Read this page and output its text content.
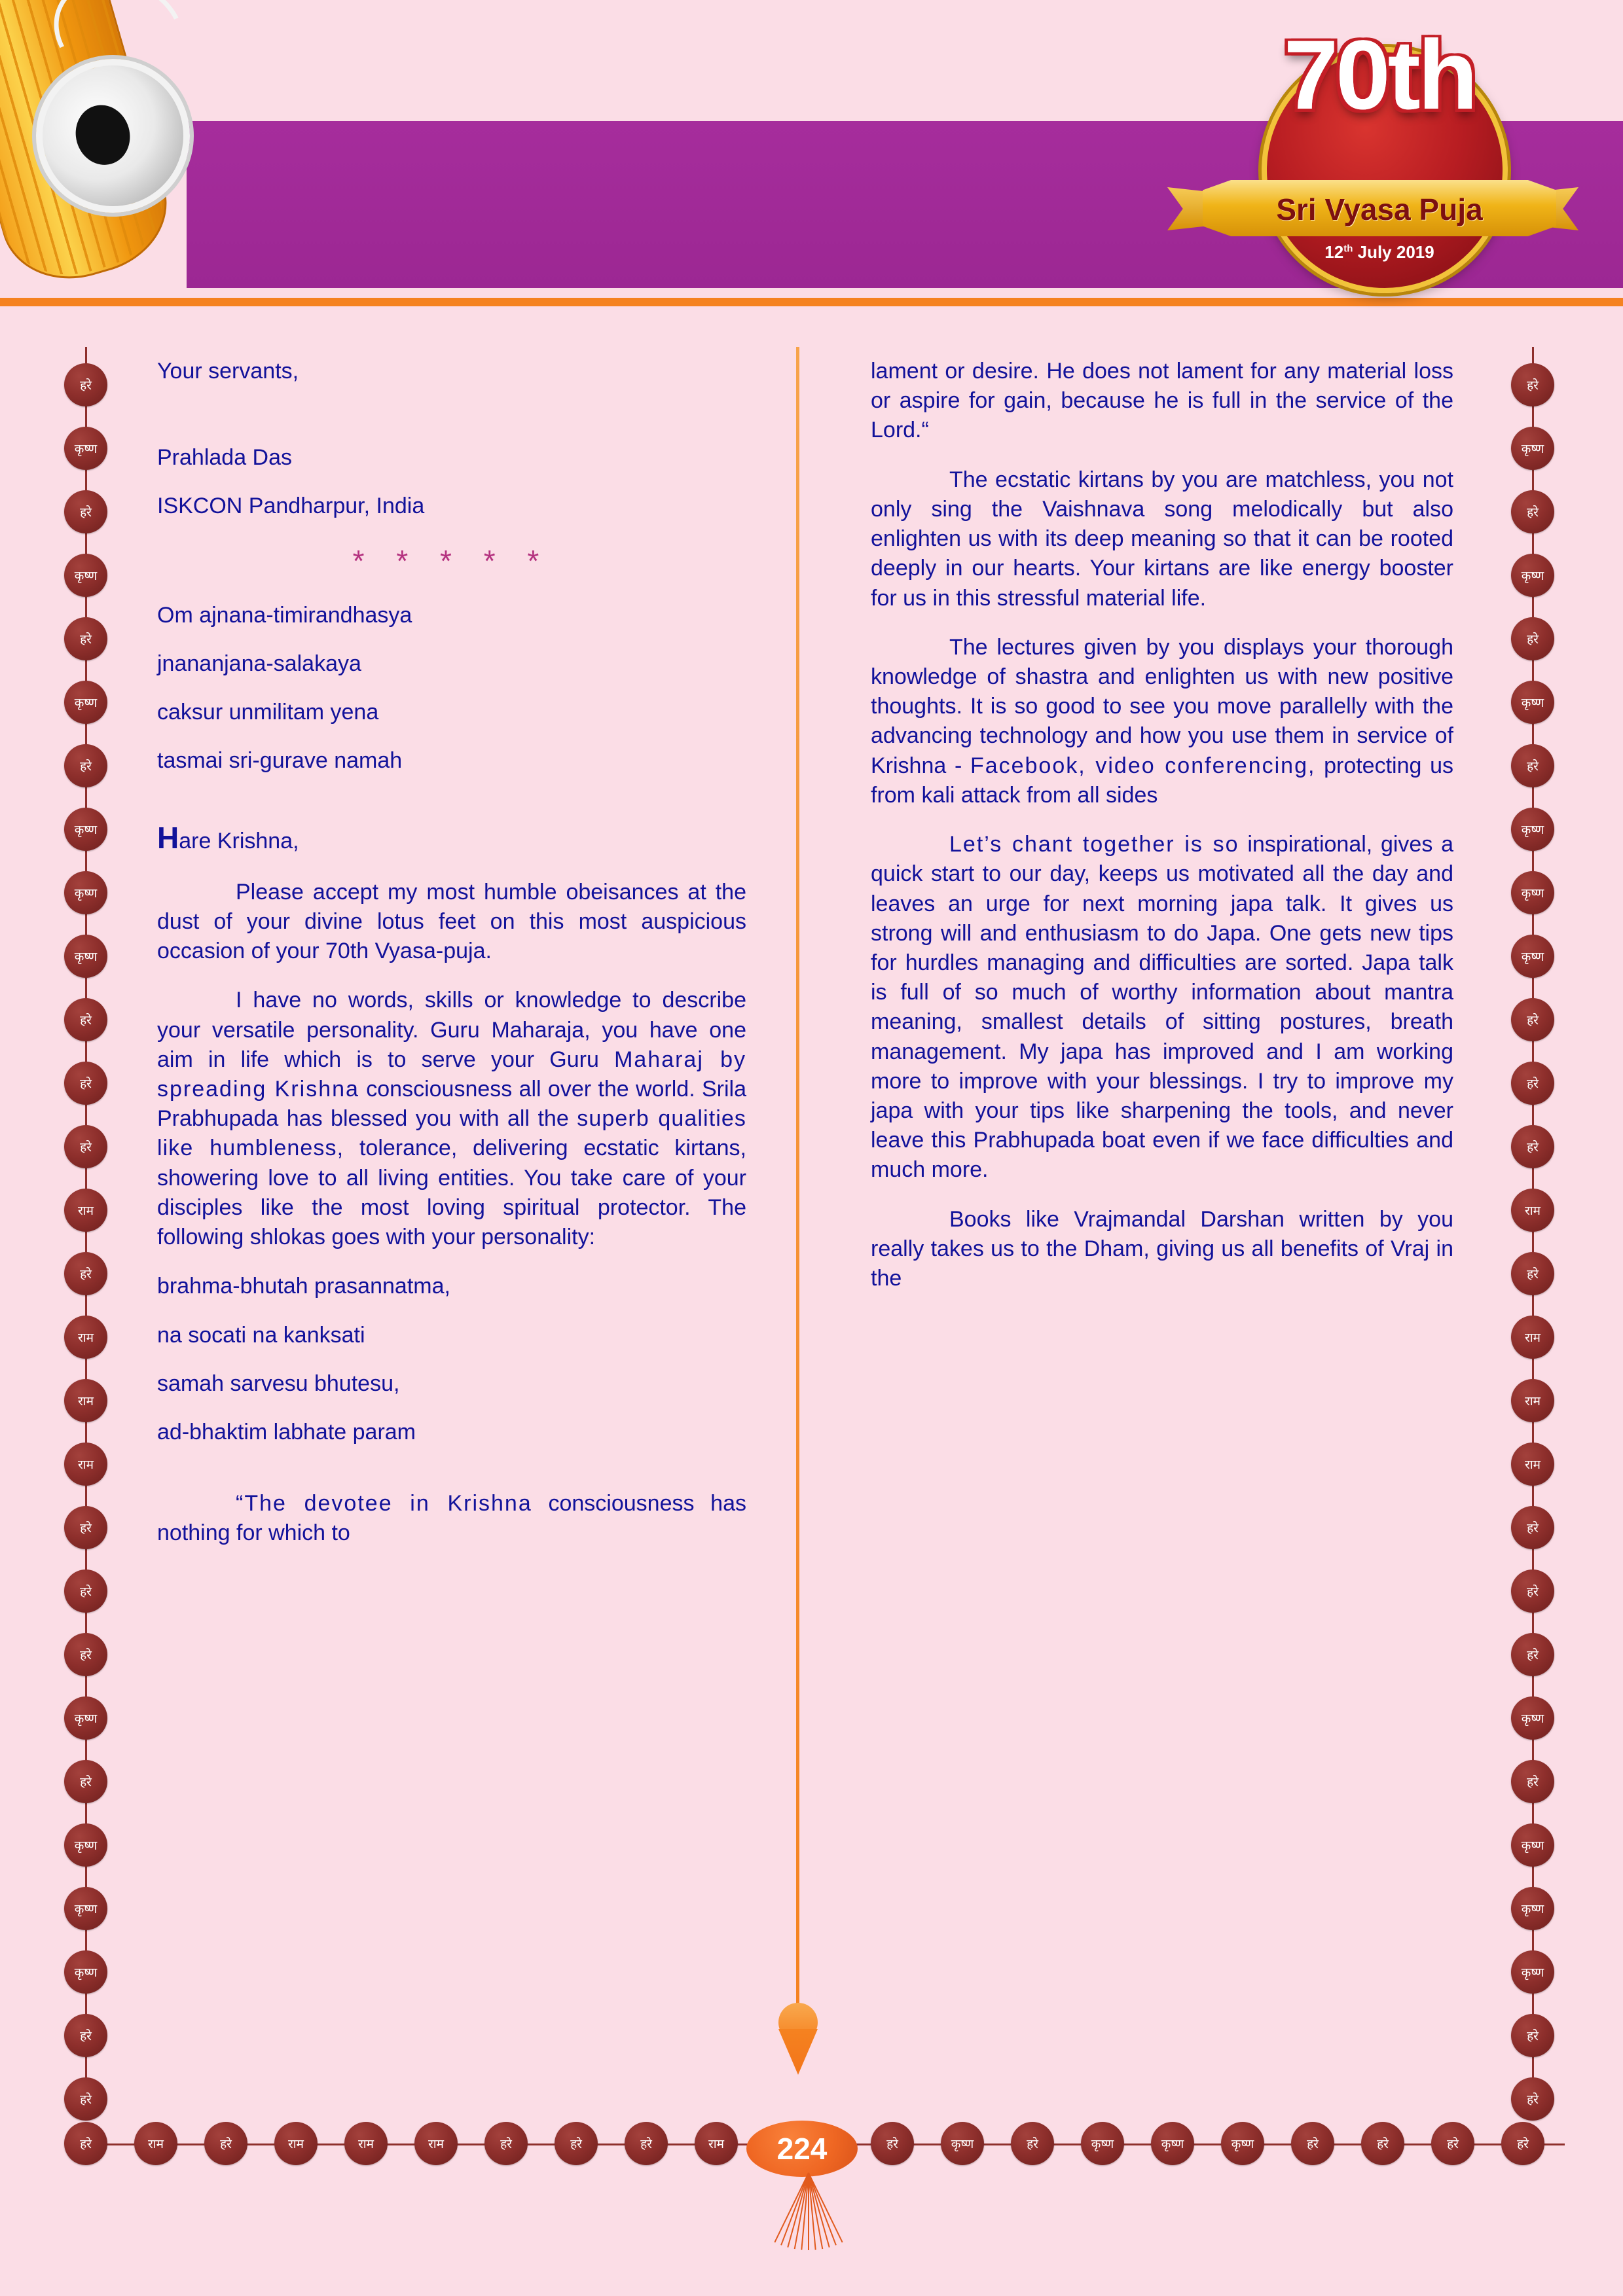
70th
Sri Vyasa Puja
12th July 2019
हरे
कृष्ण
हरे
कृष्ण
हरे
कृष्ण
हरे
कृष्ण
कृष्ण
कृष्ण
हरे
हरे
हरे
राम
हरे
राम
राम
राम
हरे
हरे
हरे
कृष्ण
हरे
कृष्ण
कृष्ण
कृष्ण
हरे
हरे
हरे
कृष्ण
हरे
कृष्ण
हरे
कृष्ण
हरे
कृष्ण
कृष्ण
कृष्ण
हरे
हरे
हरे
राम
हरे
राम
राम
राम
हरे
हरे
हरे
कृष्ण
हरे
कृष्ण
कृष्ण
कृष्ण
हरे
हरे
हरे	राम	हरे	राम	राम	राम	हरे	हरे	हरे	राम	हरे	कृष्ण	हरे	कृष्ण	कृष्ण	कृष्ण	हरे	हरे	हरे	हरे
224

Your servants,

Prahlada Das

ISKCON Pandharpur, India

* * * * *

Om ajnana-timirandhasya

jnananjana-salakaya

caksur unmilitam yena

tasmai sri-gurave namah

Hare Krishna,

Please accept my most humble obeisances at the dust of your divine lotus feet on this most auspicious occasion of your 70th Vyasa-puja.

I have no words, skills or knowledge to describe your versatile personality. Guru Maharaja, you have one aim in life which is to serve your Guru Maharaj by spreading Krishna consciousness all over the world. Srila Prabhupada has blessed you with all the superb qualities like humbleness, tolerance, delivering ecstatic kirtans, showering love to all living entities. You take care of your disciples like the most loving spiritual protector. The following shlokas goes with your personality:

brahma-bhutah prasannatma,

na socati na kanksati

samah sarvesu bhutesu,

ad-bhaktim labhate param

“The devotee in Krishna consciousness has nothing for which to

lament or desire. He does not lament for any material loss or aspire for gain, because he is full in the service of the Lord.“

The ecstatic kirtans by you are matchless, you not only sing the Vaishnava song melodically but also enlighten us with its deep meaning so that it can be rooted deeply in our hearts. Your kirtans are like energy booster for us in this stressful material life.

The lectures given by you displays your thorough knowledge of shastra and enlighten us with new positive thoughts. It is so good to see you move parallelly with the advancing technology and how you use them in service of Krishna - Facebook, video conferencing, protecting us from kali attack from all sides

Let’s chant together is so inspirational, gives a quick start to our day, keeps us motivated all the day and leaves an urge for next morning japa talk. It gives us strong will and enthusiasm to do Japa. One gets new tips for hurdles managing and difficulties are sorted. Japa talk is full of so much of worthy information about mantra meaning, smallest details of sitting postures, breath management. My japa has improved and I am working more to improve with your blessings. I try to improve my japa with your tips like sharpening the tools, and never leave this Prabhupada boat even if we face difficulties and much more.

Books like Vrajmandal Darshan written by you really takes us to the Dham, giving us all benefits of Vraj in the
